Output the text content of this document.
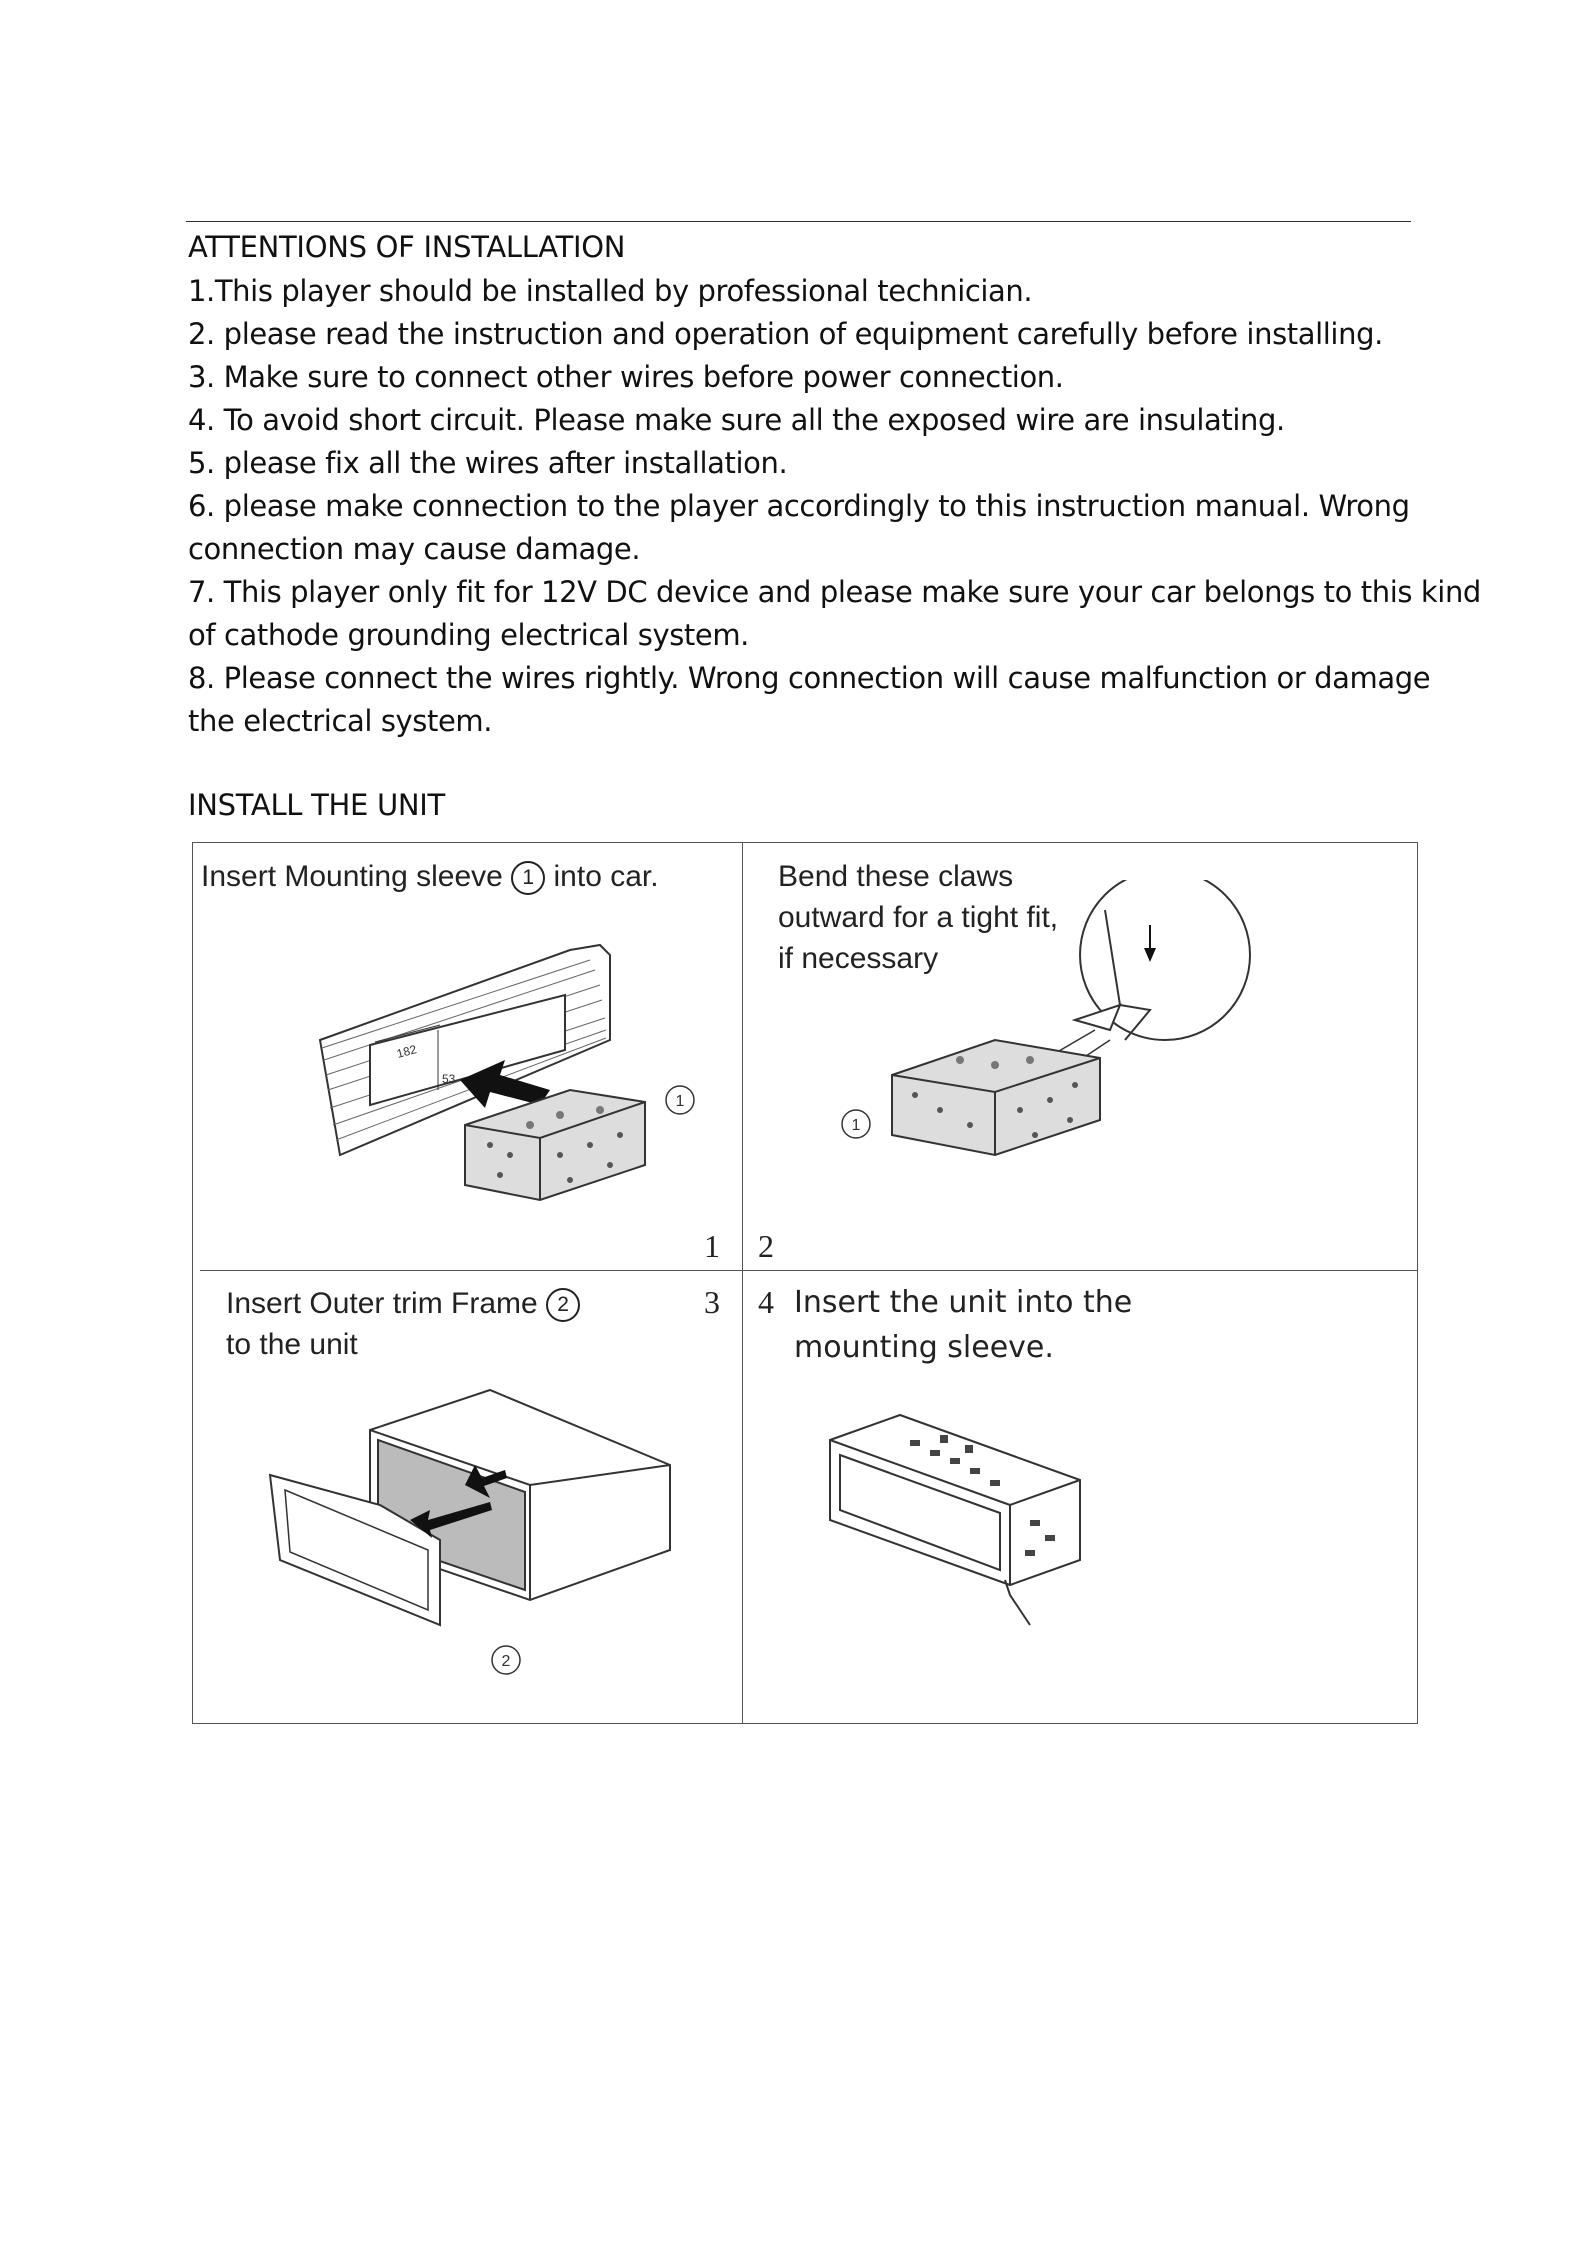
ATTENTIONS OF INSTALLATION
1.This player should be installed by professional technician.
2. please read the instruction and operation of equipment carefully before installing.
3. Make sure to connect other wires before power connection.
4. To avoid short circuit. Please make sure all the exposed wire are insulating.
5. please fix all the wires after installation.
6. please make connection to the player accordingly to this instruction manual. Wrong
connection may cause damage.
7. This player only fit for 12V DC device and please make sure your car belongs to this kind
of cathode grounding electrical system.
8. Please connect the wires rightly. Wrong connection will cause malfunction or damage
the electrical system.
INSTALL THE UNIT
Insert Mounting sleeve 1 into car.
182
53
1
1
Bend these claws
outward for a tight fit,
if necessary
1
2
Insert Outer trim Frame 2
to the unit
3
2
4 Insert the unit into the
mounting sleeve.
